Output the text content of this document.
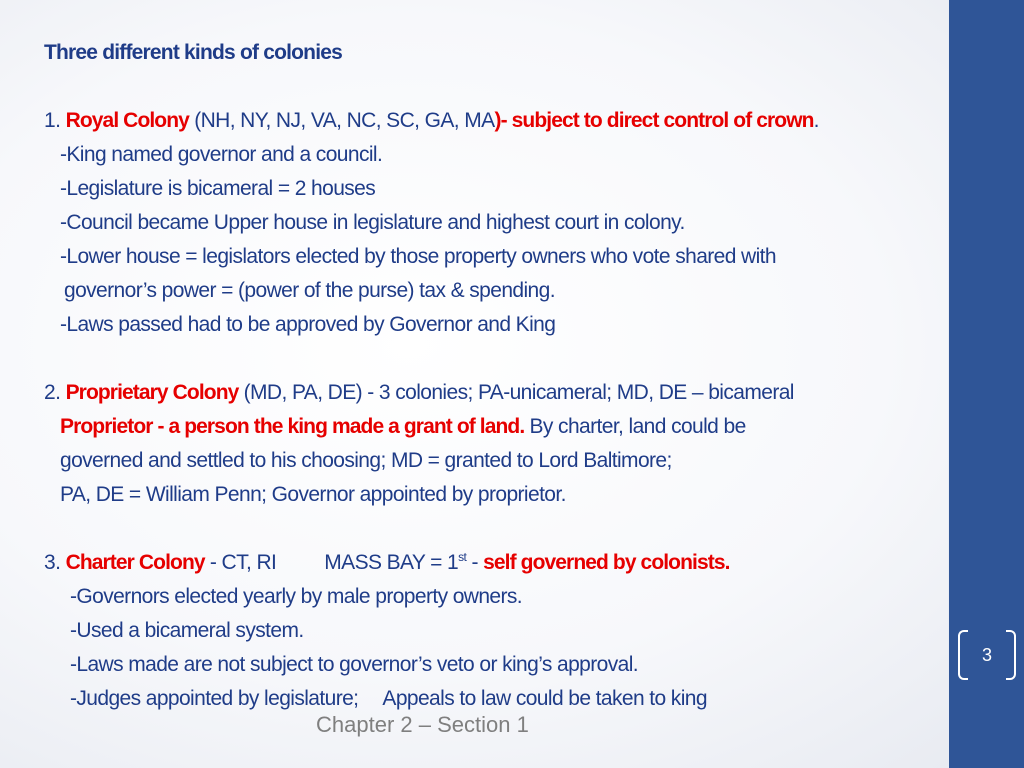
Three different kinds of colonies
1. Royal Colony (NH, NY, NJ, VA, NC, SC, GA, MA)- subject to direct control of crown.
-King named governor and a council.
-Legislature is bicameral = 2 houses
-Council became Upper house in legislature and highest court in colony.
-Lower house = legislators elected by those property owners who vote shared with
governor’s power = (power of the purse) tax & spending.
-Laws passed had to be approved by Governor and King
2. Proprietary Colony (MD, PA, DE) - 3 colonies; PA-unicameral; MD, DE – bicameral
Proprietor - a person the king made a grant of land. By charter, land could be
governed and settled to his choosing; MD = granted to Lord Baltimore;
PA, DE = William Penn; Governor appointed by proprietor.
3. Charter Colony - CT, RI MASS BAY = 1st - self governed by colonists.
-Governors elected yearly by male property owners.
-Used a bicameral system.
-Laws made are not subject to governor’s veto or king’s approval.
-Judges appointed by legislature; Appeals to law could be taken to king
Chapter 2 – Section 1
3
